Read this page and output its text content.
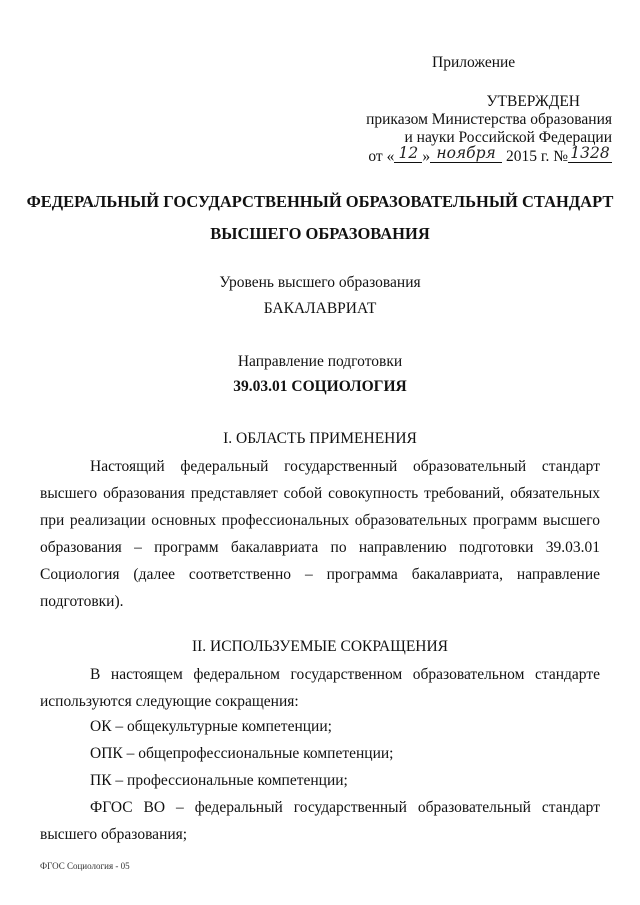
Приложение
УТВЕРЖДЕН
приказом Министерства образования
и науки Российской Федерации
от « 12 » ноября 2015 г. № 1328
ФЕДЕРАЛЬНЫЙ ГОСУДАРСТВЕННЫЙ ОБРАЗОВАТЕЛЬНЫЙ СТАНДАРТ
ВЫСШЕГО ОБРАЗОВАНИЯ
Уровень высшего образования
БАКАЛАВРИАТ
Направление подготовки
39.03.01 СОЦИОЛОГИЯ
I. ОБЛАСТЬ ПРИМЕНЕНИЯ
Настоящий федеральный государственный образовательный стандарт высшего образования представляет собой совокупность требований, обязательных при реализации основных профессиональных образовательных программ высшего образования – программ бакалавриата по направлению подготовки 39.03.01 Социология (далее соответственно – программа бакалавриата, направление подготовки).
II. ИСПОЛЬЗУЕМЫЕ СОКРАЩЕНИЯ
В настоящем федеральном государственном образовательном стандарте используются следующие сокращения:
ОК – общекультурные компетенции;
ОПК – общепрофессиональные компетенции;
ПК – профессиональные компетенции;
ФГОС ВО – федеральный государственный образовательный стандарт высшего образования;
ФГОС Социология - 05
